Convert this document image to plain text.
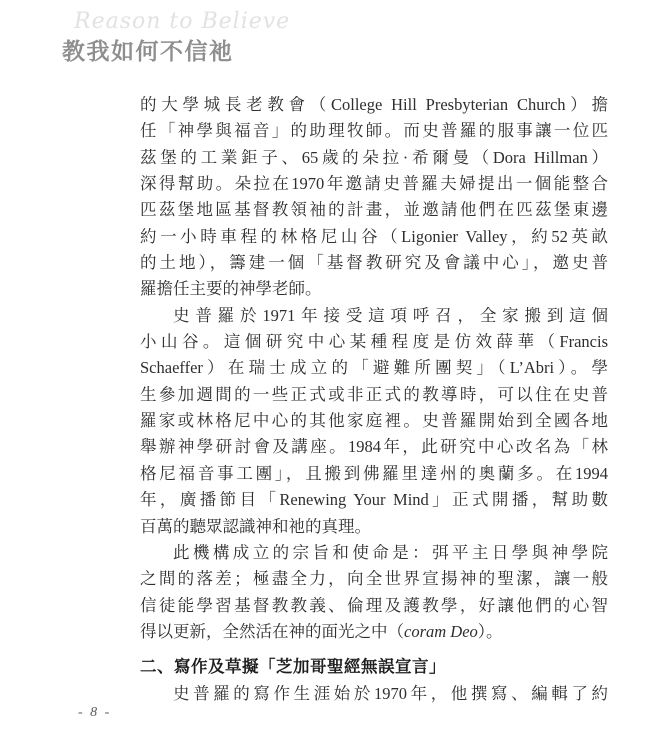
Reason to Believe
教我如何不信祂
的大學城長老教會（College Hill Presbyterian Church）擔
任「神學與福音」的助理牧師。而史普羅的服事讓一位匹
茲堡的工業鉅子、65歲的朵拉·希爾曼（Dora Hillman）
深得幫助。朵拉在1970年邀請史普羅夫婦提出一個能整合
匹茲堡地區基督教領袖的計畫，並邀請他們在匹茲堡東邊
約一小時車程的林格尼山谷（Ligonier Valley，約52英畝
的土地），籌建一個「基督教研究及會議中心」，邀史普
羅擔任主要的神學老師。
史普羅於1971年接受這項呼召，全家搬到這個
小山谷。這個研究中心某種程度是仿效薛華（Francis
Schaeffer）在瑞士成立的「避難所團契」（L’Abri）。學
生參加週間的一些正式或非正式的教導時，可以住在史普
羅家或林格尼中心的其他家庭裡。史普羅開始到全國各地
舉辦神學研討會及講座。1984年，此研究中心改名為「林
格尼福音事工團」，且搬到佛羅里達州的奧蘭多。在1994
年，廣播節目「Renewing Your Mind」正式開播，幫助數
百萬的聽眾認識神和祂的真理。
此機構成立的宗旨和使命是：弭平主日學與神學院
之間的落差；極盡全力，向全世界宣揚神的聖潔，讓一般
信徒能學習基督教教義、倫理及護教學，好讓他們的心智
得以更新，全然活在神的面光之中（coram Deo）。
二、寫作及草擬「芝加哥聖經無誤宣言」
史普羅的寫作生涯始於1970年，他撰寫、編輯了約
- 8 -
